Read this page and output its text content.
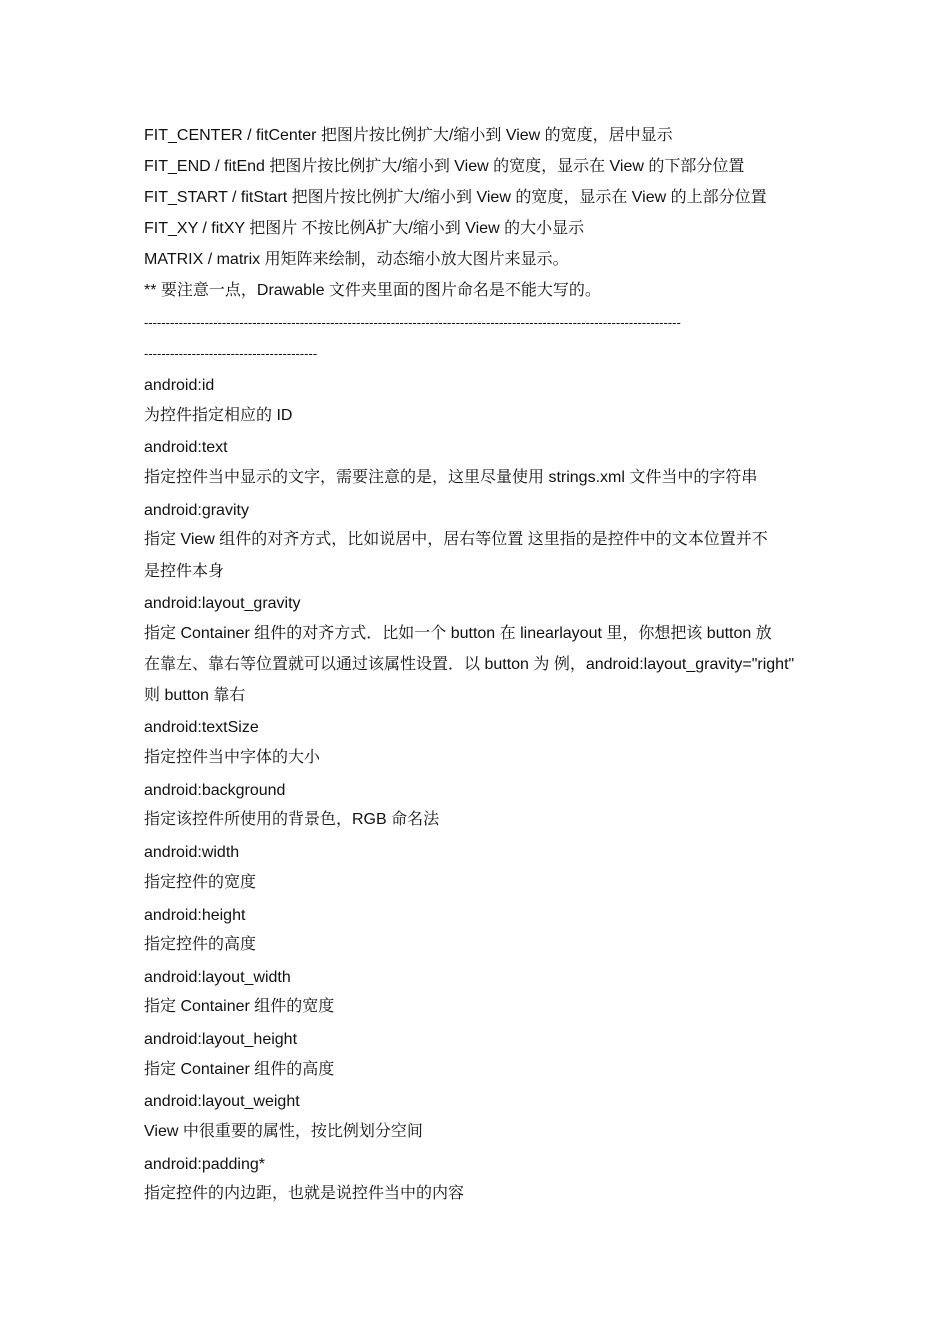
FIT_CENTER / fitCenter 把图片按比例扩大/缩小到 View 的宽度，居中显示
FIT_END / fitEnd 把图片按比例扩大/缩小到 View 的宽度，显示在 View 的下部分位置
FIT_START / fitStart 把图片按比例扩大/缩小到 View 的宽度，显示在 View 的上部分位置
FIT_XY / fitXY 把图片 不按比例Ä扩大/缩小到 View 的大小显示
MATRIX / matrix 用矩阵来绘制，动态缩小放大图片来显示。
** 要注意一点，Drawable 文件夹里面的图片命名是不能大写的。
----------------------------------------------------------------------------------------------------------------------------
----------------------------------------
android:id
为控件指定相应的 ID
android:text
指定控件当中显示的文字，需要注意的是，这里尽量使用 strings.xml 文件当中的字符串
android:gravity
指定 View 组件的对齐方式，比如说居中，居右等位置 这里指的是控件中的文本位置并不
是控件本身
android:layout_gravity
指定 Container 组件的对齐方式．比如一个 button 在 linearlayout 里，你想把该 button 放
在靠左、靠右等位置就可以通过该属性设置．以 button 为 例，android:layout_gravity="right"
则 button 靠右
android:textSize
指定控件当中字体的大小
android:background
指定该控件所使用的背景色，RGB 命名法
android:width
指定控件的宽度
android:height
指定控件的高度
android:layout_width
指定 Container 组件的宽度
android:layout_height
指定 Container 组件的高度
android:layout_weight
View 中很重要的属性，按比例划分空间
android:padding*
指定控件的内边距，也就是说控件当中的内容
